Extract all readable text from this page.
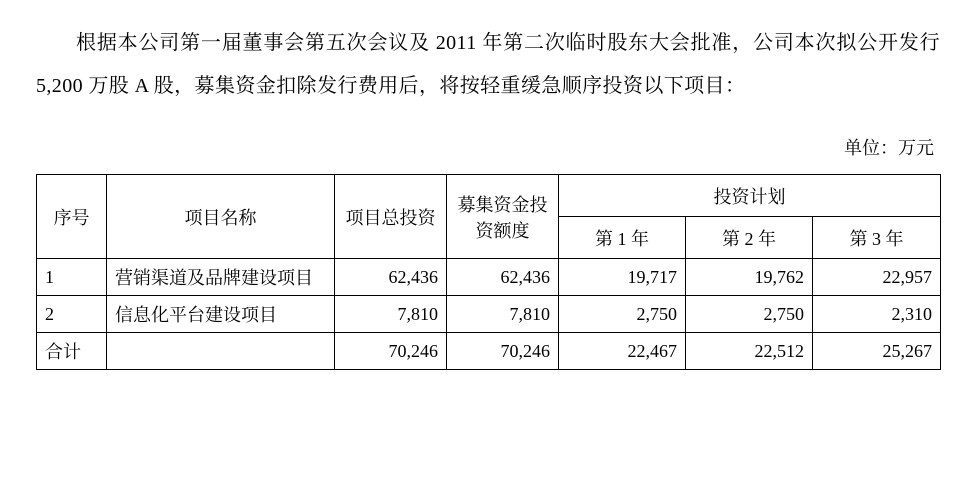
根据本公司第一届董事会第五次会议及 2011 年第二次临时股东大会批准，公司本次拟公开发行 5,200 万股 A 股，募集资金扣除发行费用后，将按轻重缓急顺序投资以下项目：

单位：万元
序号	项目名称	项目总投资	募集资金投资额度	投资计划		
				第 1 年	第 2 年	第 3 年
1	营销渠道及品牌建设项目	62,436	62,436	19,717	19,762	22,957
2	信息化平台建设项目	7,810	7,810	2,750	2,750	2,310
合计		70,246	70,246	22,467	22,512	25,267
